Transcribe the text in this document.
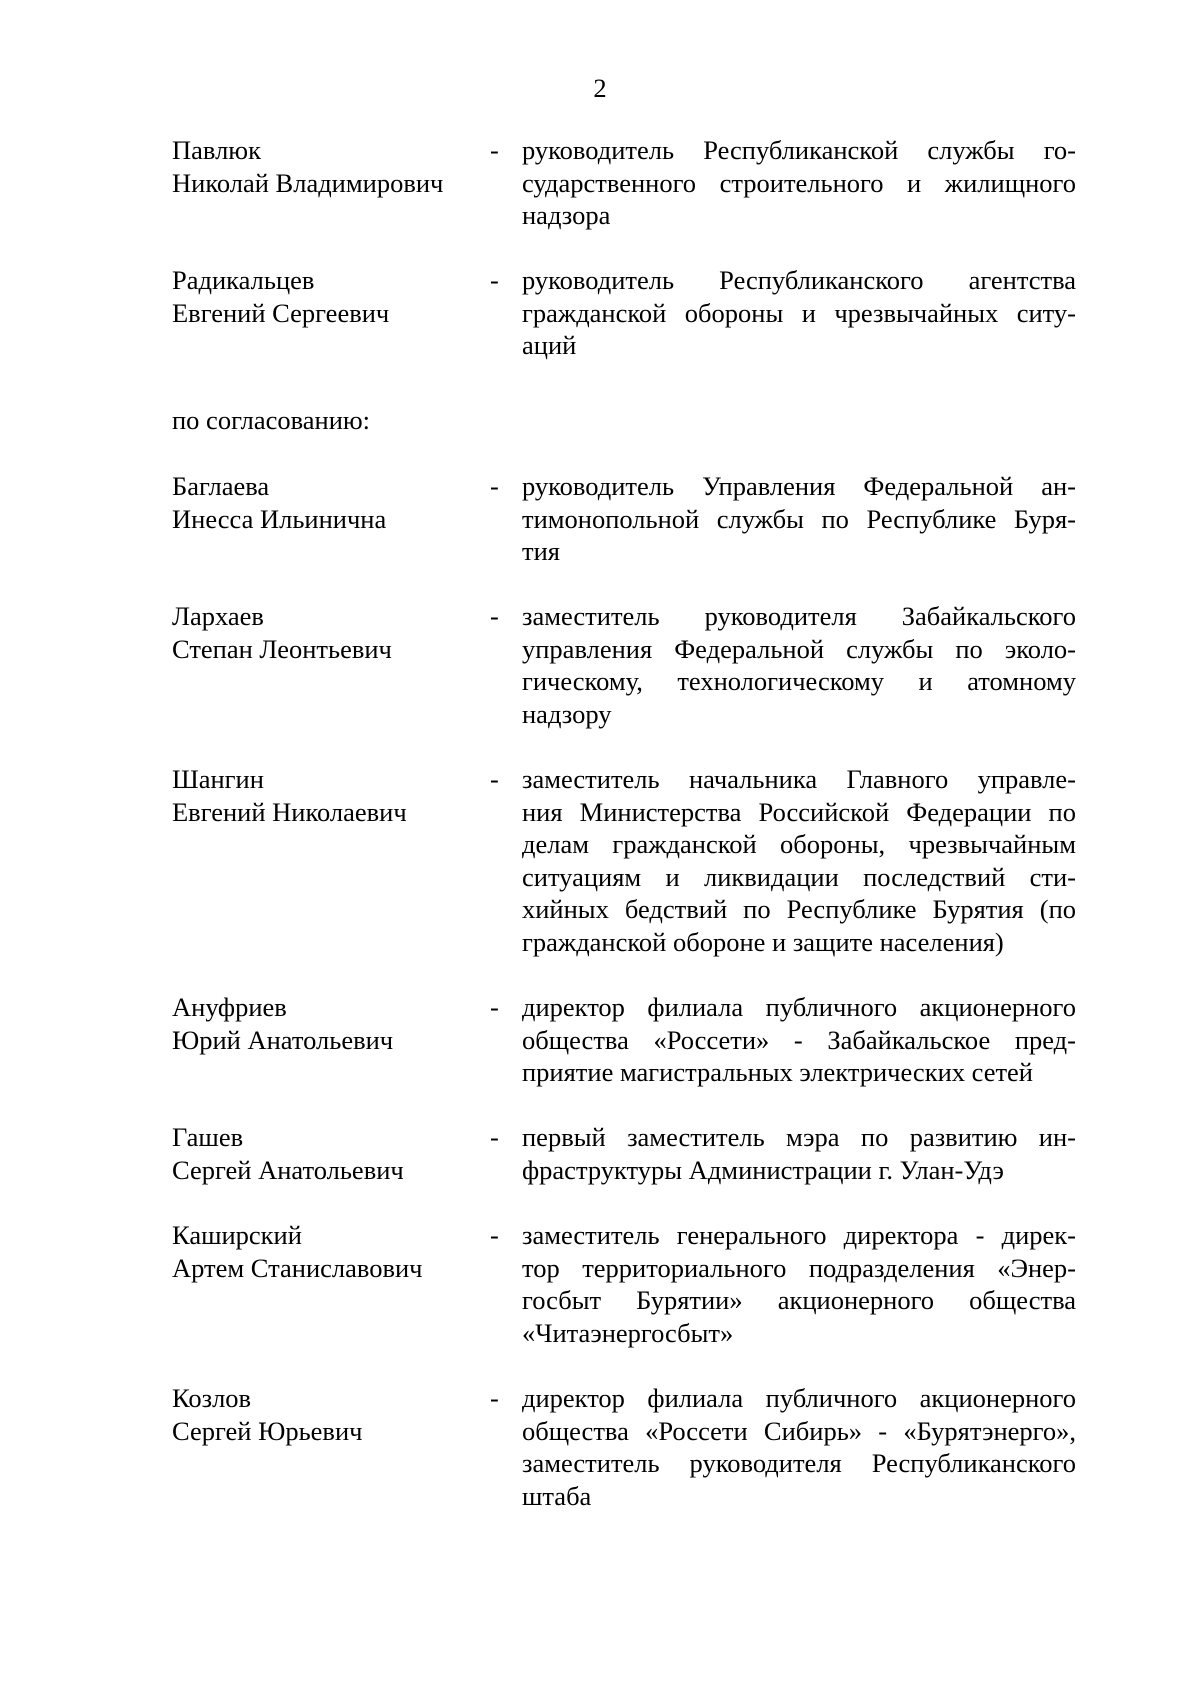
2
Павлюк
Николай Владимирович
- руководитель Республиканской службы го-
сударственного строительного и жилищного
надзора
Радикальцев
Евгений Сергеевич
- руководитель Республиканского агентства
гражданской обороны и чрезвычайных ситу-
аций
по согласованию:
Баглаева
Инесса Ильинична
- руководитель Управления Федеральной ан-
тимонопольной службы по Республике Буря-
тия
Лархаев
Степан Леонтьевич
- заместитель руководителя Забайкальского
управления Федеральной службы по эколо-
гическому, технологическому и атомному
надзору
Шангин
Евгений Николаевич
- заместитель начальника Главного управле-
ния Министерства Российской Федерации по
делам гражданской обороны, чрезвычайным
ситуациям и ликвидации последствий сти-
хийных бедствий по Республике Бурятия (по
гражданской обороне и защите населения)
Ануфриев
Юрий Анатольевич
- директор филиала публичного акционерного
общества «Россети» - Забайкальское пред-
приятие магистральных электрических сетей
Гашев
Сергей Анатольевич
- первый заместитель мэра по развитию ин-
фраструктуры Администрации г. Улан-Удэ
Каширский
Артем Станиславович
- заместитель генерального директора - дирек-
тор территориального подразделения «Энер-
госбыт Бурятии» акционерного общества
«Читаэнергосбыт»
Козлов
Сергей Юрьевич
- директор филиала публичного акционерного
общества «Россети Сибирь» - «Бурятэнерго»,
заместитель руководителя Республиканского
штаба
